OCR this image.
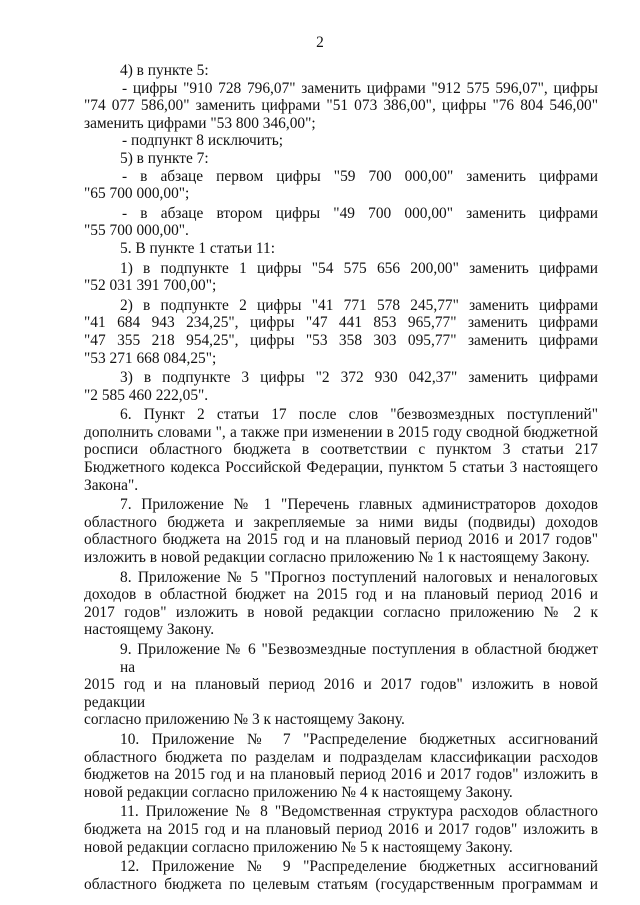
2
4) в пункте 5:
- цифры "910 728 796,07" заменить цифрами "912 575 596,07", цифры
"74 077 586,00" заменить цифрами "51 073 386,00", цифры "76 804 546,00"
заменить цифрами "53 800 346,00";
- подпункт 8 исключить;
5) в пункте 7:
- в абзаце первом цифры "59 700 000,00" заменить цифрами
"65 700 000,00";
- в абзаце втором цифры "49 700 000,00" заменить цифрами
"55 700 000,00".
5. В пункте 1 статьи 11:
1) в подпункте 1 цифры "54 575 656 200,00" заменить цифрами
"52 031 391 700,00";
2) в подпункте 2 цифры "41 771 578 245,77" заменить цифрами
"41 684 943 234,25", цифры "47 441 853 965,77" заменить цифрами
"47 355 218 954,25", цифры "53 358 303 095,77" заменить цифрами
"53 271 668 084,25";
3) в подпункте 3 цифры "2 372 930 042,37" заменить цифрами
"2 585 460 222,05".
6. Пункт 2 статьи 17 после слов "безвозмездных поступлений"
дополнить словами ", а также при изменении в 2015 году сводной бюджетной
росписи областного бюджета в соответствии с пунктом 3 статьи 217
Бюджетного кодекса Российской Федерации, пунктом 5 статьи 3 настоящего
Закона".
7. Приложение № 1 "Перечень главных администраторов доходов
областного бюджета и закрепляемые за ними виды (подвиды) доходов
областного бюджета на 2015 год и на плановый период 2016 и 2017 годов"
изложить в новой редакции согласно приложению № 1 к настоящему Закону.
8. Приложение № 5 "Прогноз поступлений налоговых и неналоговых
доходов в областной бюджет на 2015 год и на плановый период 2016 и
2017 годов" изложить в новой редакции согласно приложению № 2 к
настоящему Закону.
9. Приложение № 6 "Безвозмездные поступления в областной бюджет на
2015 год и на плановый период 2016 и 2017 годов" изложить в новой редакции
согласно приложению № 3 к настоящему Закону.
10. Приложение № 7 "Распределение бюджетных ассигнований
областного бюджета по разделам и подразделам классификации расходов
бюджетов на 2015 год и на плановый период 2016 и 2017 годов" изложить в
новой редакции согласно приложению № 4 к настоящему Закону.
11. Приложение № 8 "Ведомственная структура расходов областного
бюджета на 2015 год и на плановый период 2016 и 2017 годов" изложить в
новой редакции согласно приложению № 5 к настоящему Закону.
12. Приложение № 9 "Распределение бюджетных ассигнований
областного бюджета по целевым статьям (государственным программам и
